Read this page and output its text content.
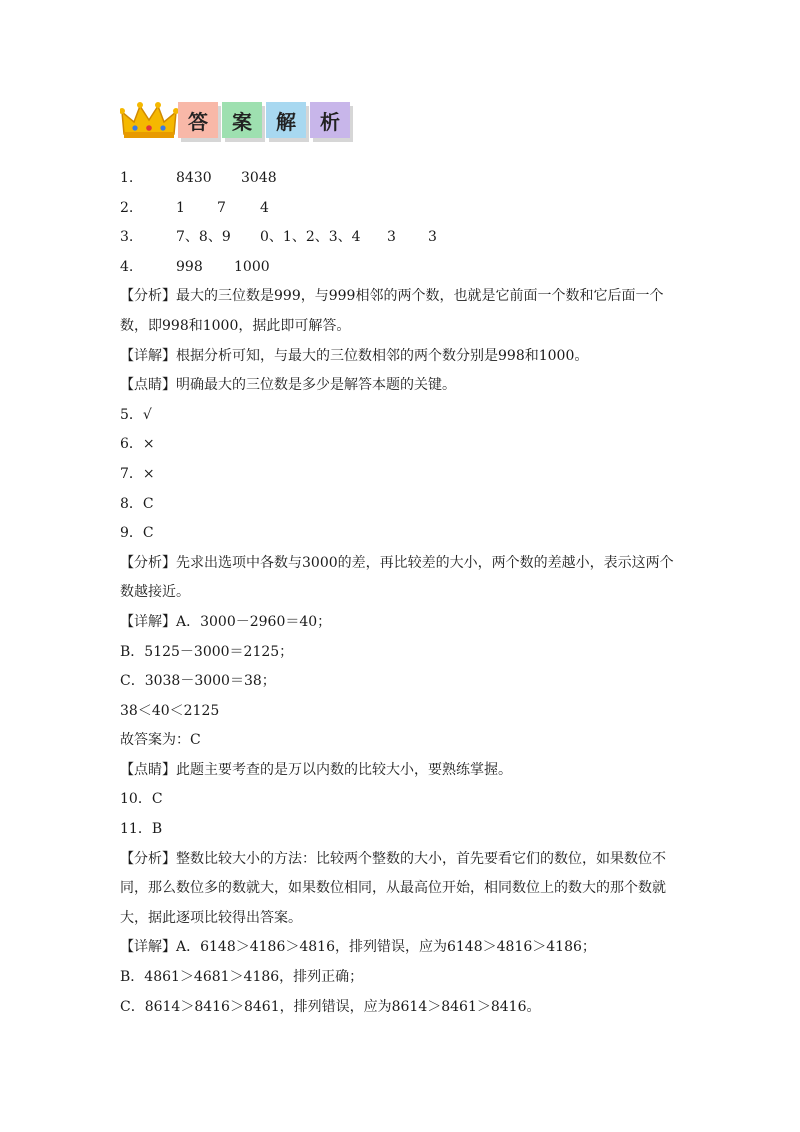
答	案	解	析
1.	8430	3048
2.	1	7	4
3.	7、8、9	0、1、2、3、4	3	3
4.	998	1000
【分析】最大的三位数是999，与999相邻的两个数，也就是它前面一个数和它后面一个
数，即998和1000，据此即可解答。
【详解】根据分析可知，与最大的三位数相邻的两个数分别是998和1000。
【点睛】明确最大的三位数是多少是解答本题的关键。
5．√
6．×
7．×
8．C
9．C
【分析】先求出选项中各数与3000的差，再比较差的大小，两个数的差越小，表示这两个
数越接近。
【详解】A．3000－2960＝40；
B．5125－3000＝2125；
C．3038－3000＝38；
38＜40＜2125
故答案为：C
【点睛】此题主要考查的是万以内数的比较大小，要熟练掌握。
10．C
11．B
【分析】整数比较大小的方法：比较两个整数的大小，首先要看它们的数位，如果数位不
同，那么数位多的数就大，如果数位相同，从最高位开始，相同数位上的数大的那个数就
大，据此逐项比较得出答案。
【详解】A．6148＞4186＞4816，排列错误，应为6148＞4816＞4186；
B．4861＞4681＞4186，排列正确；
C．8614＞8416＞8461，排列错误，应为8614＞8461＞8416。
